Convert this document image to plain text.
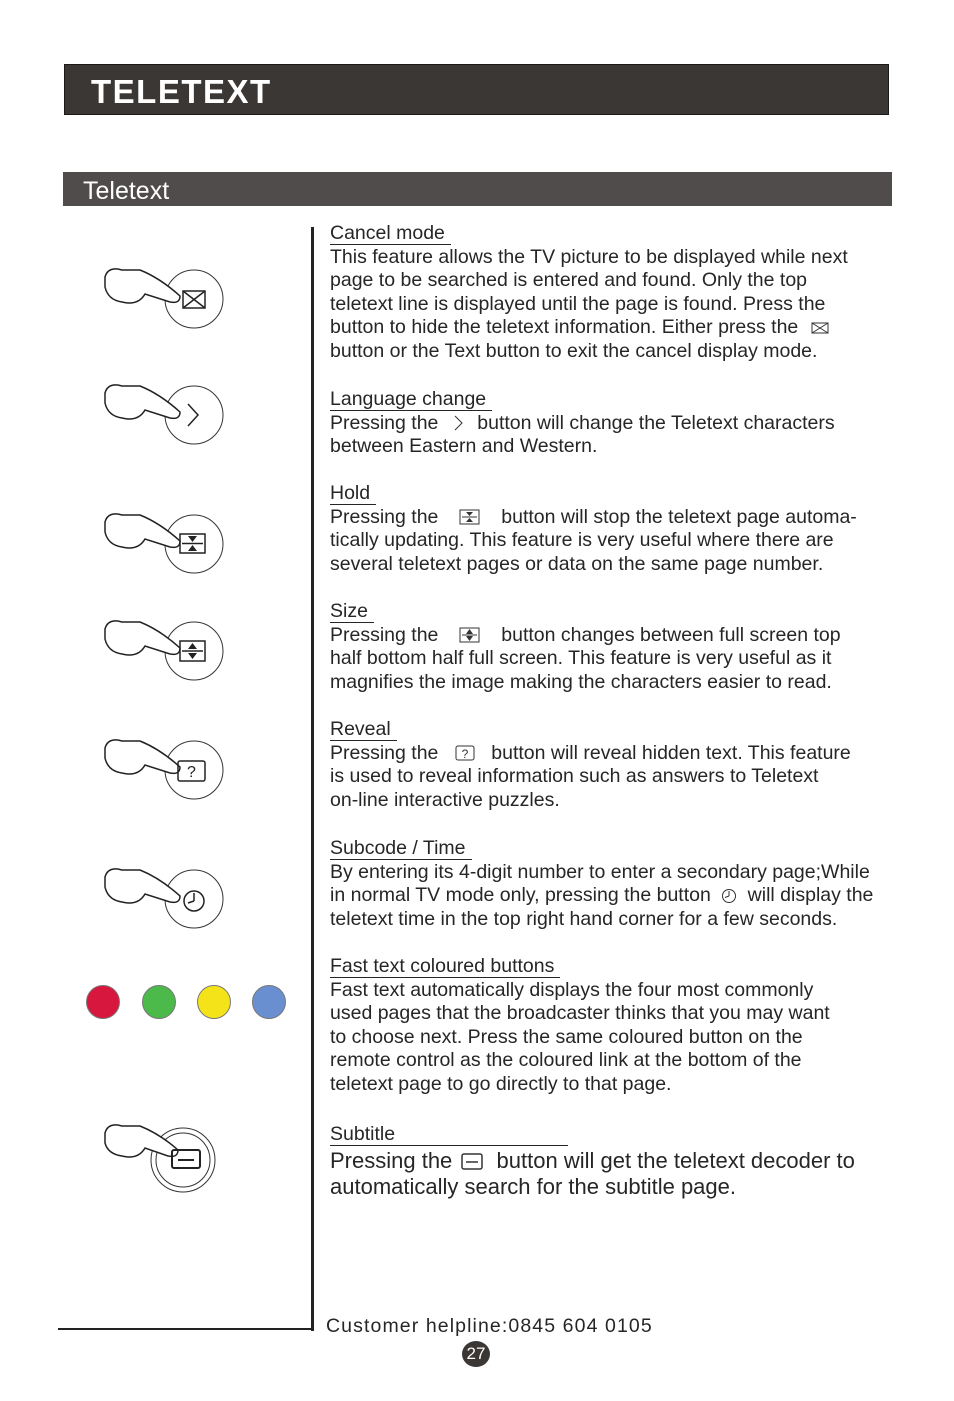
TELETEXT
Teletext
?
Cancel mode

This feature allows the TV picture to be displayed while next

page to be searched is entered and found. Only the top

teletext line is displayed until the page is found. Press the

button to hide the teletext information. Either press the

button or the Text button to exit the cancel display mode.

Language change

Pressing the button will change the Teletext characters

between Eastern and Western.

Hold

Pressing the	button will stop the teletext page automa-

tically updating. This feature is very useful where there are

several teletext pages or data on the same page number.

Size

Pressing the	button changes between full screen top

half bottom half full screen. This feature is very useful as it

magnifies the image making the characters easier to read.

Reveal

Pressing the ? button will reveal hidden text. This feature

is used to reveal information such as answers to Teletext

on-line interactive puzzles.

Subcode / Time

By entering its 4-digit number to enter a secondary page;While

in normal TV mode only, pressing the button will display the

teletext time in the top right hand corner for a few seconds.

Fast text coloured buttons

Fast text automatically displays the four most commonly

used pages that the broadcaster thinks that you may want

to choose next. Press the same coloured button on the

remote control as the coloured link at the bottom of the

teletext page to go directly to that page.

Subtitle

Pressing the button will get the teletext decoder to

automatically search for the subtitle page.

Customer helpline:0845 604 0105
27
